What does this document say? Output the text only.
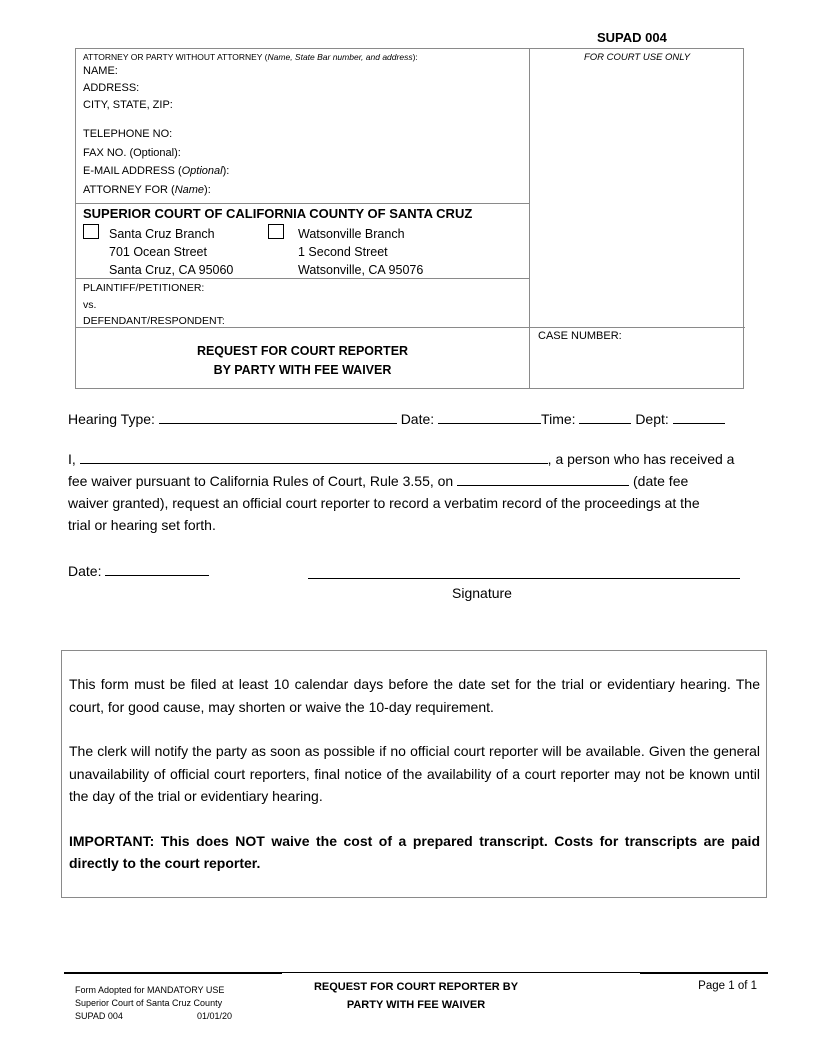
SUPAD 004
ATTORNEY OR PARTY WITHOUT ATTORNEY (Name, State Bar number, and address):
NAME:
ADDRESS:
CITY, STATE, ZIP:
TELEPHONE NO:
FAX NO. (Optional):
E-MAIL ADDRESS (Optional):
ATTORNEY FOR (Name):
SUPERIOR COURT OF CALIFORNIA COUNTY OF SANTA CRUZ
Santa Cruz Branch
701 Ocean Street
Santa Cruz, CA 95060
Watsonville Branch
1 Second Street
Watsonville, CA 95076
PLAINTIFF/PETITIONER:
vs.
DEFENDANT/RESPONDENT:
FOR COURT USE ONLY
CASE NUMBER:
REQUEST FOR COURT REPORTER
BY PARTY WITH FEE WAIVER
Hearing Type:	Date:	Time:	Dept:
I,	, a person who has received a
fee waiver pursuant to California Rules of Court, Rule 3.55, on	(date fee
waiver granted), request an official court reporter to record a verbatim record of the proceedings at the
trial or hearing set forth.
Date:
Signature

This form must be filed at least 10 calendar days before the date set for the trial or evidentiary hearing. The court, for good cause, may shorten or waive the 10-day requirement.

The clerk will notify the party as soon as possible if no official court reporter will be available. Given the general unavailability of official court reporters, final notice of the availability of a court reporter may not be known until the day of the trial or evidentiary hearing.

IMPORTANT: This does NOT waive the cost of a prepared transcript. Costs for transcripts are paid directly to the court reporter.

Form Adopted for MANDATORY USE
Superior Court of Santa Cruz County
SUPAD 004	01/01/20
REQUEST FOR COURT REPORTER BY
PARTY WITH FEE WAIVER
Page 1 of 1
